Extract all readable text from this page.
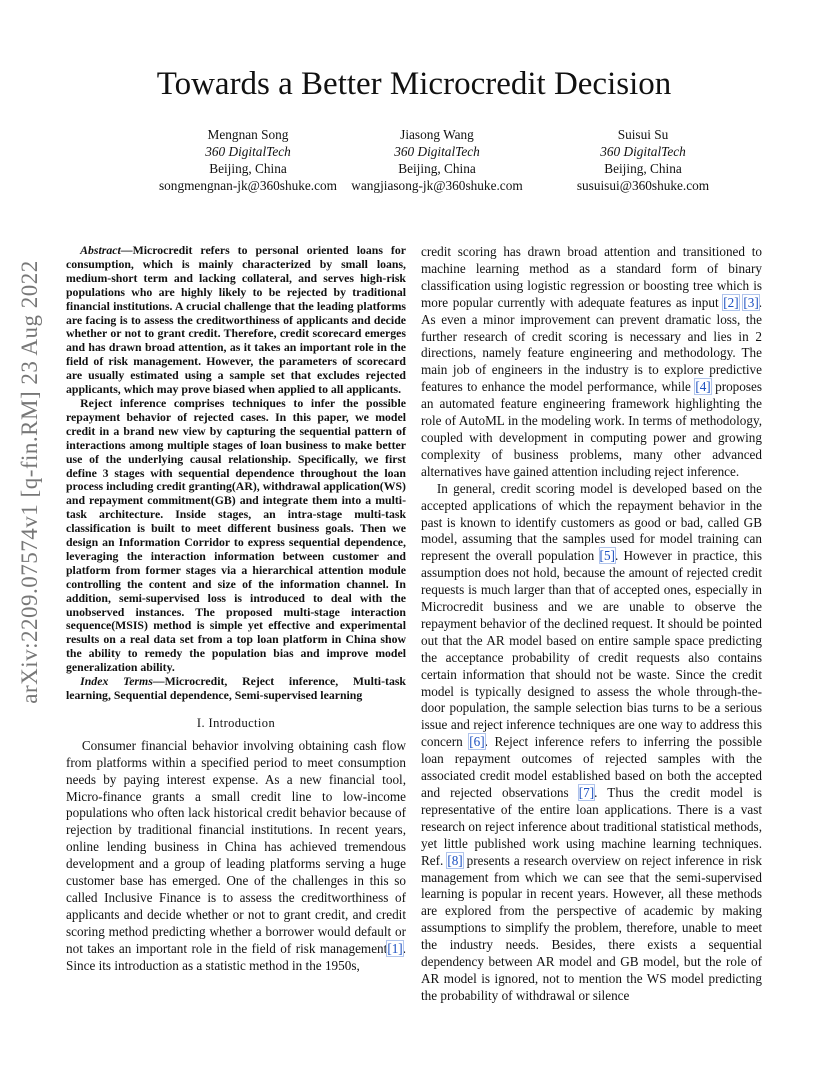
arXiv:2209.07574v1 [q-fin.RM] 23 Aug 2022
Towards a Better Microcredit Decision
Mengnan Song
360 DigitalTech
Beijing, China
songmengnan-jk@360shuke.com
Jiasong Wang
360 DigitalTech
Beijing, China
wangjiasong-jk@360shuke.com
Suisui Su
360 DigitalTech
Beijing, China
susuisui@360shuke.com

Abstract—Microcredit refers to personal oriented loans for consumption, which is mainly characterized by small loans, medium-short term and lacking collateral, and serves high-risk populations who are highly likely to be rejected by traditional financial institutions. A crucial challenge that the leading platforms are facing is to assess the creditworthiness of applicants and decide whether or not to grant credit. Therefore, credit scorecard emerges and has drawn broad attention, as it takes an important role in the field of risk management. However, the parameters of scorecard are usually estimated using a sample set that excludes rejected applicants, which may prove biased when applied to all applicants.

Reject inference comprises techniques to infer the possible repayment behavior of rejected cases. In this paper, we model credit in a brand new view by capturing the sequential pattern of interactions among multiple stages of loan business to make better use of the underlying causal relationship. Specifically, we first define 3 stages with sequential dependence throughout the loan process including credit granting(AR), withdrawal application(WS) and repayment commitment(GB) and integrate them into a multi-task architecture. Inside stages, an intra-stage multi-task classification is built to meet different business goals. Then we design an Information Corridor to express sequential dependence, leveraging the interaction information between customer and platform from former stages via a hierarchical attention module controlling the content and size of the information channel. In addition, semi-supervised loss is introduced to deal with the unobserved instances. The proposed multi-stage interaction sequence(MSIS) method is simple yet effective and experimental results on a real data set from a top loan platform in China show the ability to remedy the population bias and improve model generalization ability.

Index Terms—Microcredit, Reject inference, Multi-task learning, Sequential dependence, Semi-supervised learning

I. Introduction

Consumer financial behavior involving obtaining cash flow from platforms within a specified period to meet consumption needs by paying interest expense. As a new financial tool, Micro-finance grants a small credit line to low-income populations who often lack historical credit behavior because of rejection by traditional financial institutions. In recent years, online lending business in China has achieved tremendous development and a group of leading platforms serving a huge customer base has emerged. One of the challenges in this so called Inclusive Finance is to assess the creditworthiness of applicants and decide whether or not to grant credit, and credit scoring method predicting whether a borrower would default or not takes an important role in the field of risk management[1]. Since its introduction as a statistic method in the 1950s,

credit scoring has drawn broad attention and transitioned to machine learning method as a standard form of binary classification using logistic regression or boosting tree which is more popular currently with adequate features as input [2] [3]. As even a minor improvement can prevent dramatic loss, the further research of credit scoring is necessary and lies in 2 directions, namely feature engineering and methodology. The main job of engineers in the industry is to explore predictive features to enhance the model performance, while [4] proposes an automated feature engineering framework highlighting the role of AutoML in the modeling work. In terms of methodology, coupled with development in computing power and growing complexity of business problems, many other advanced alternatives have gained attention including reject inference.

In general, credit scoring model is developed based on the accepted applications of which the repayment behavior in the past is known to identify customers as good or bad, called GB model, assuming that the samples used for model training can represent the overall population [5]. However in practice, this assumption does not hold, because the amount of rejected credit requests is much larger than that of accepted ones, especially in Microcredit business and we are unable to observe the repayment behavior of the declined request. It should be pointed out that the AR model based on entire sample space predicting the acceptance probability of credit requests also contains certain information that should not be waste. Since the credit model is typically designed to assess the whole through-the-door population, the sample selection bias turns to be a serious issue and reject inference techniques are one way to address this concern [6]. Reject inference refers to inferring the possible loan repayment outcomes of rejected samples with the associated credit model established based on both the accepted and rejected observations [7]. Thus the credit model is representative of the entire loan applications. There is a vast research on reject inference about traditional statistical methods, yet little published work using machine learning techniques. Ref. [8] presents a research overview on reject inference in risk management from which we can see that the semi-supervised learning is popular in recent years. However, all these methods are explored from the perspective of academic by making assumptions to simplify the problem, therefore, unable to meet the industry needs. Besides, there exists a sequential dependency between AR model and GB model, but the role of AR model is ignored, not to mention the WS model predicting the probability of withdrawal or silence
